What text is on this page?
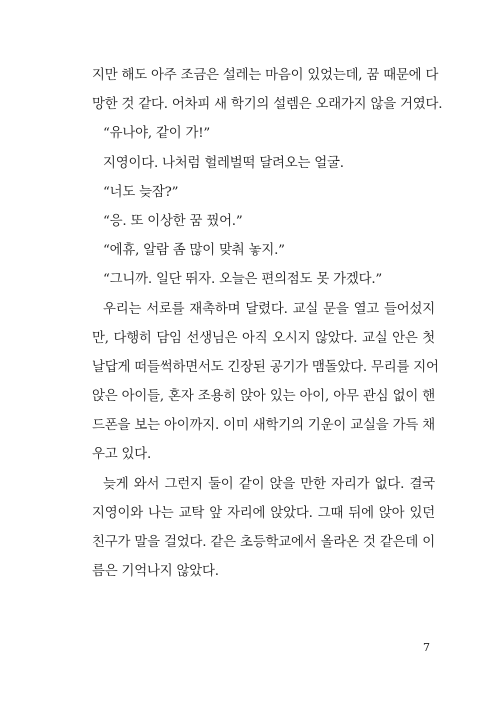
지만 해도 아주 조금은 설레는 마음이 있었는데, 꿈 때문에 다
망한 것 같다. 어차피 새 학기의 설렘은 오래가지 않을 거였다.
“유나야, 같이 가!”
지영이다. 나처럼 헐레벌떡 달려오는 얼굴.
“너도 늦잠?”
“응. 또 이상한 꿈 꿨어.”
“에휴, 알람 좀 많이 맞춰 놓지.”
“그니까. 일단 뛰자. 오늘은 편의점도 못 가겠다.”
우리는 서로를 재촉하며 달렸다. 교실 문을 열고 들어섰지
만, 다행히 담임 선생님은 아직 오시지 않았다. 교실 안은 첫
날답게 떠들썩하면서도 긴장된 공기가 맴돌았다. 무리를 지어
앉은 아이들, 혼자 조용히 앉아 있는 아이, 아무 관심 없이 핸
드폰을 보는 아이까지. 이미 새학기의 기운이 교실을 가득 채
우고 있다.
늦게 와서 그런지 둘이 같이 앉을 만한 자리가 없다. 결국
지영이와 나는 교탁 앞 자리에 앉았다. 그때 뒤에 앉아 있던
친구가 말을 걸었다. 같은 초등학교에서 올라온 것 같은데 이
름은 기억나지 않았다.
7
